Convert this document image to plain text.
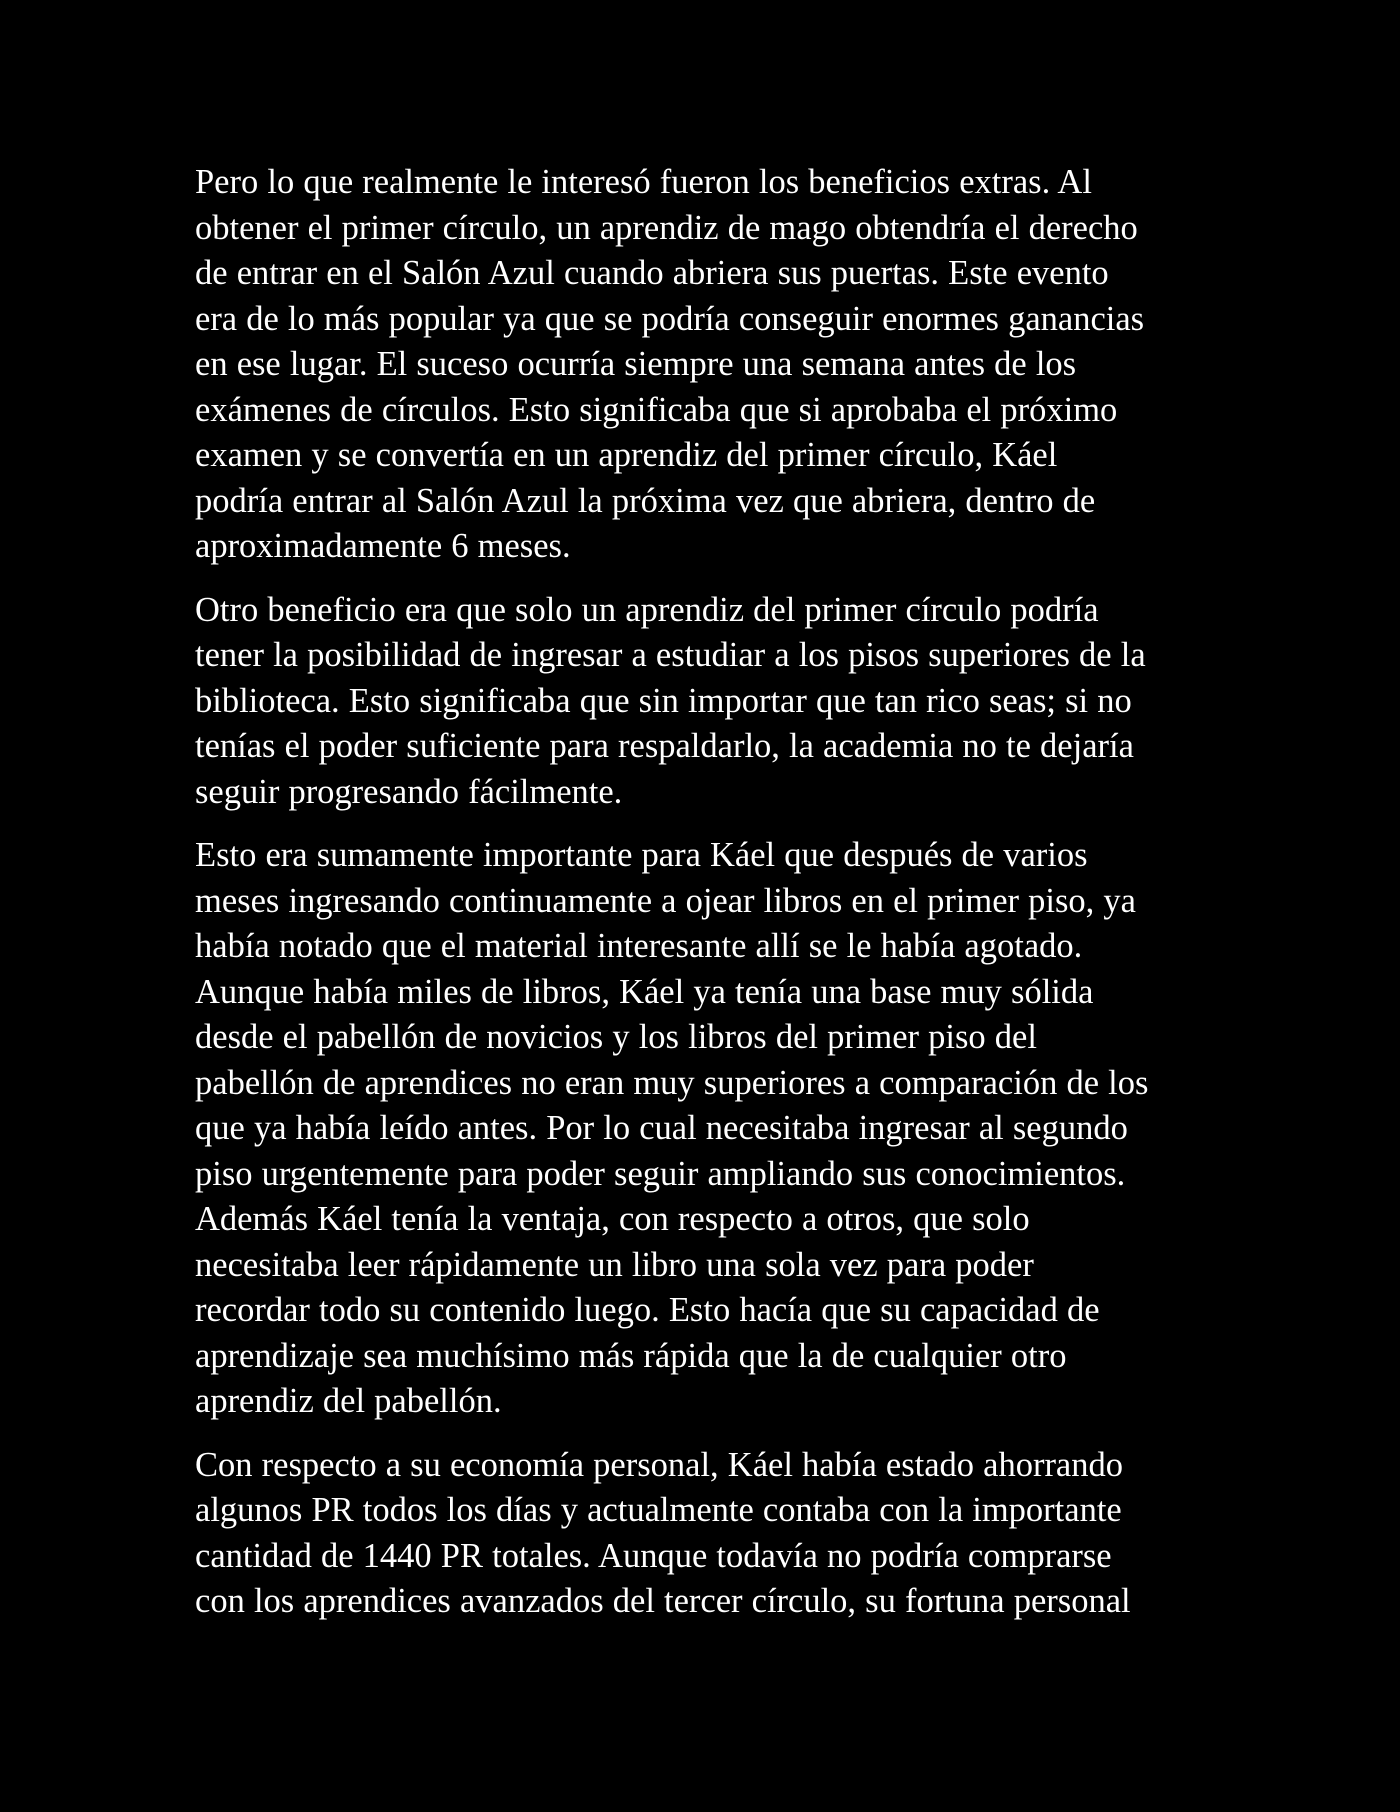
Pero lo que realmente le interesó fueron los beneficios extras. Al
obtener el primer círculo, un aprendiz de mago obtendría el derecho
de entrar en el Salón Azul cuando abriera sus puertas. Este evento
era de lo más popular ya que se podría conseguir enormes ganancias
en ese lugar. El suceso ocurría siempre una semana antes de los
exámenes de círculos. Esto significaba que si aprobaba el próximo
examen y se convertía en un aprendiz del primer círculo, Káel
podría entrar al Salón Azul la próxima vez que abriera, dentro de
aproximadamente 6 meses.

Otro beneficio era que solo un aprendiz del primer círculo podría
tener la posibilidad de ingresar a estudiar a los pisos superiores de la
biblioteca. Esto significaba que sin importar que tan rico seas; si no
tenías el poder suficiente para respaldarlo, la academia no te dejaría
seguir progresando fácilmente.

Esto era sumamente importante para Káel que después de varios
meses ingresando continuamente a ojear libros en el primer piso, ya
había notado que el material interesante allí se le había agotado.
Aunque había miles de libros, Káel ya tenía una base muy sólida
desde el pabellón de novicios y los libros del primer piso del
pabellón de aprendices no eran muy superiores a comparación de los
que ya había leído antes. Por lo cual necesitaba ingresar al segundo
piso urgentemente para poder seguir ampliando sus conocimientos.
Además Káel tenía la ventaja, con respecto a otros, que solo
necesitaba leer rápidamente un libro una sola vez para poder
recordar todo su contenido luego. Esto hacía que su capacidad de
aprendizaje sea muchísimo más rápida que la de cualquier otro
aprendiz del pabellón.

Con respecto a su economía personal, Káel había estado ahorrando
algunos PR todos los días y actualmente contaba con la importante
cantidad de 1440 PR totales. Aunque todavía no podría comprarse
con los aprendices avanzados del tercer círculo, su fortuna personal
